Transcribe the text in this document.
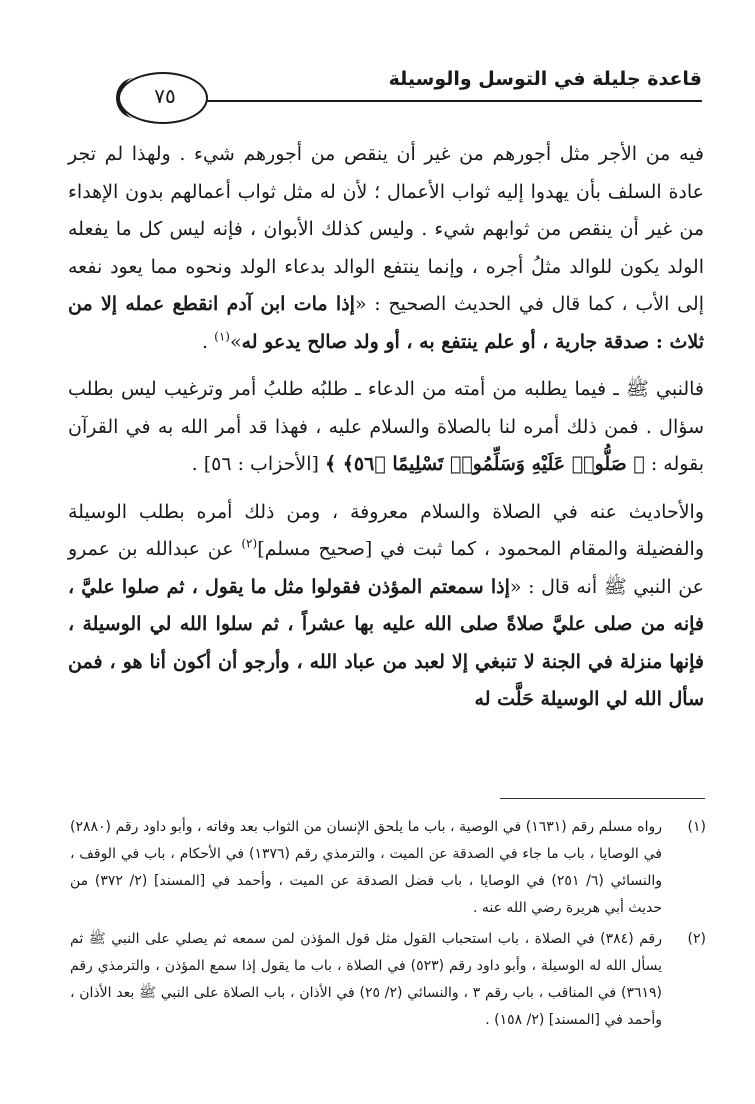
قاعدة جليلة في التوسل والوسيلة
٧٥

فيه من الأجر مثل أجورهم من غير أن ينقص من أجورهم شيء . ولهذا لم تجر عادة السلف بأن يهدوا إليه ثواب الأعمال ؛ لأن له مثل ثواب أعمالهم بدون الإهداء من غير أن ينقص من ثوابهم شيء . وليس كذلك الأبوان ، فإنه ليس كل ما يفعله الولد يكون للوالد مثلُ أجره ، وإنما ينتفع الوالد بدعاء الولد ونحوه مما يعود نفعه إلى الأب ، كما قال في الحديث الصحيح : «إذا مات ابن آدم انقطع عمله إلا من ثلاث : صدقة جارية ، أو علم ينتفع به ، أو ولد صالح يدعو له»$^{(١)}$ .

فالنبي ﷺ ـ فيما يطلبه من أمته من الدعاء ـ طلبُه طلبُ أمر وترغيب ليس بطلب سؤال . فمن ذلك أمره لنا بالصلاة والسلام عليه ، فهذا قد أمر الله به في القرآن بقوله : ﴿ صَلُّوا۟ عَلَيْهِ وَسَلِّمُوا۟ تَسْلِيمًا ﴿٥٦﴾ ﴾ [الأحزاب : ٥٦] .

والأحاديث عنه في الصلاة والسلام معروفة ، ومن ذلك أمره بطلب الوسيلة والفضيلة والمقام المحمود ، كما ثبت في [صحيح مسلم]$^{(٢)}$ عن عبدالله بن عمرو عن النبي ﷺ أنه قال : «إذا سمعتم المؤذن فقولوا مثل ما يقول ، ثم صلوا عليَّ ، فإنه من صلى عليَّ صلاةً صلى الله عليه بها عشراً ، ثم سلوا الله لي الوسيلة ، فإنها منزلة في الجنة لا تنبغي إلا لعبد من عباد الله ، وأرجو أن أكون أنا هو ، فمن سأل الله لي الوسيلة حَلَّت له

(١)
رواه مسلم رقم (١٦٣١) في الوصية ، باب ما يلحق الإنسان من الثواب بعد وفاته ، وأبو داود رقم (٢٨٨٠) في الوصايا ، باب ما جاء في الصدقة عن الميت ، والترمذي رقم (١٣٧٦) في الأحكام ، باب في الوقف ، والنسائي (٦/ ٢٥١) في الوصايا ، باب فضل الصدقة عن الميت ، وأحمد في [المسند] (٢/ ٣٧٢) من حديث أبي هريرة رضي الله عنه .
(٢)
رقم (٣٨٤) في الصلاة ، باب استحباب القول مثل قول المؤذن لمن سمعه ثم يصلي على النبي ﷺ ثم يسأل الله له الوسيلة ، وأبو داود رقم (٥٢٣) في الصلاة ، باب ما يقول إذا سمع المؤذن ، والترمذي رقم (٣٦١٩) في المناقب ، باب رقم ٣ ، والنسائي (٢/ ٢٥) في الأذان ، باب الصلاة على النبي ﷺ بعد الأذان ، وأحمد في [المسند] (٢/ ١٥٨) .
